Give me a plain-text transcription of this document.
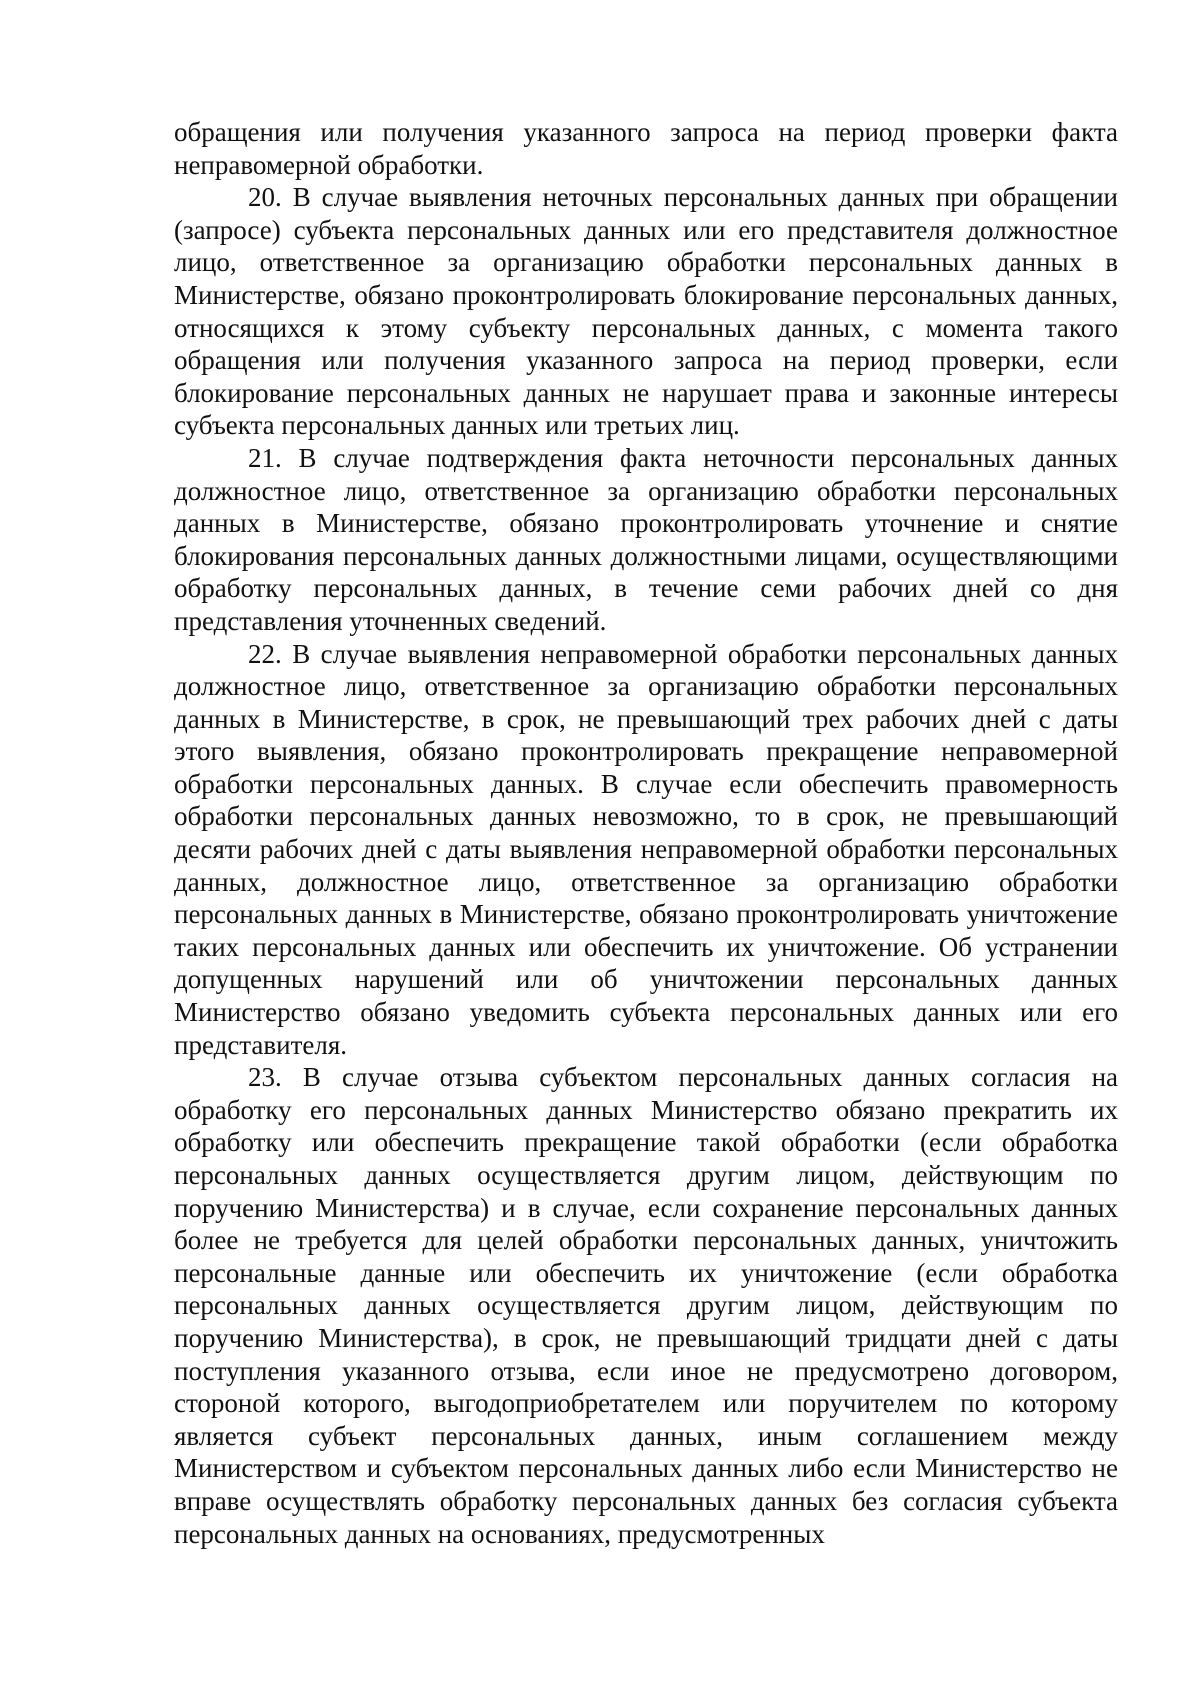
обращения или получения указанного запроса на период проверки факта неправомерной обработки.

20. В случае выявления неточных персональных данных при обращении (запросе) субъекта персональных данных или его представителя должностное лицо, ответственное за организацию обработки персональных данных в Министерстве, обязано проконтролировать блокирование персональных данных, относящихся к этому субъекту персональных данных, с момента такого обращения или получения указанного запроса на период проверки, если блокирование персональных данных не нарушает права и законные интересы субъекта персональных данных или третьих лиц.

21. В случае подтверждения факта неточности персональных данных должностное лицо, ответственное за организацию обработки персональных данных в Министерстве, обязано проконтролировать уточнение и снятие блокирования персональных данных должностными лицами, осуществляющими обработку персональных данных, в течение семи рабочих дней со дня представления уточненных сведений.

22. В случае выявления неправомерной обработки персональных данных должностное лицо, ответственное за организацию обработки персональных данных в Министерстве, в срок, не превышающий трех рабочих дней с даты этого выявления, обязано проконтролировать прекращение неправомерной обработки персональных данных. В случае если обеспечить правомерность обработки персональных данных невозможно, то в срок, не превышающий десяти рабочих дней с даты выявления неправомерной обработки персональных данных, должностное лицо, ответственное за организацию обработки персональных данных в Министерстве, обязано проконтролировать уничтожение таких персональных данных или обеспечить их уничтожение. Об устранении допущенных нарушений или об уничтожении персональных данных Министерство обязано уведомить субъекта персональных данных или его представителя.

23. В случае отзыва субъектом персональных данных согласия на обработку его персональных данных Министерство обязано прекратить их обработку или обеспечить прекращение такой обработки (если обработка персональных данных осуществляется другим лицом, действующим по поручению Министерства) и в случае, если сохранение персональных данных более не требуется для целей обработки персональных данных, уничтожить персональные данные или обеспечить их уничтожение (если обработка персональных данных осуществляется другим лицом, действующим по поручению Министерства), в срок, не превышающий тридцати дней с даты поступления указанного отзыва, если иное не предусмотрено договором, стороной которого, выгодоприобретателем или поручителем по которому является субъект персональных данных, иным соглашением между Министерством и субъектом персональных данных либо если Министерство не вправе осуществлять обработку персональных данных без согласия субъекта персональных данных на основаниях, предусмотренных
